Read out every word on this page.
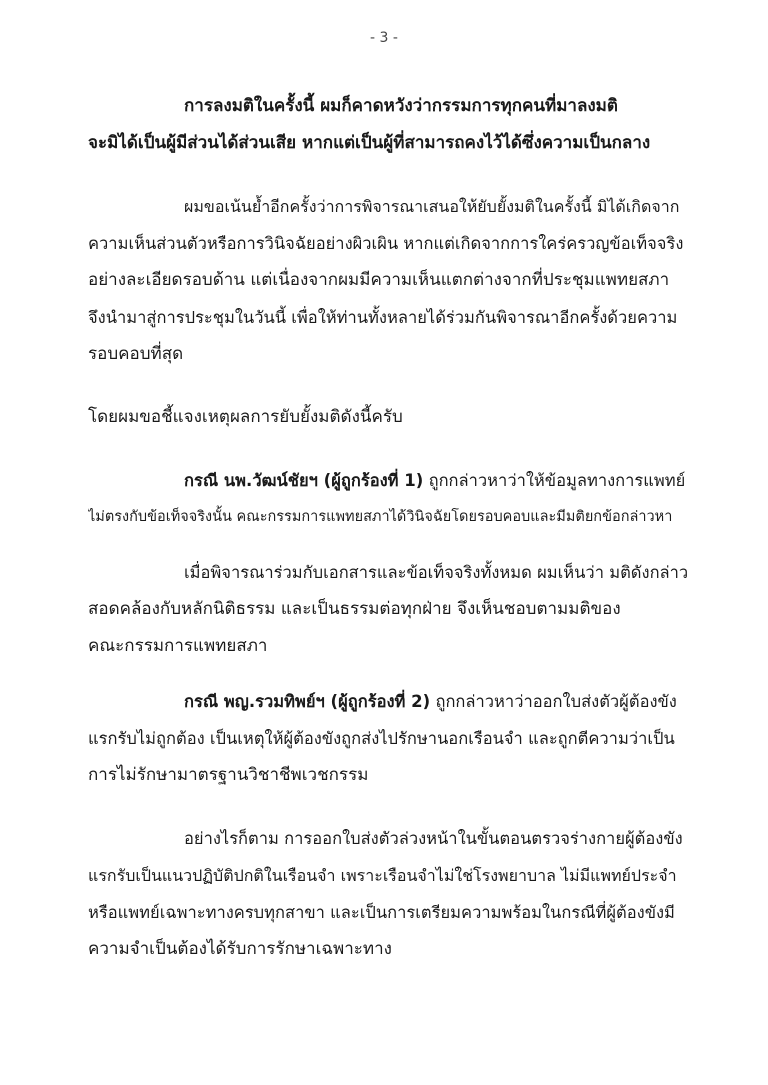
- 3 -
การลงมติในครั้งนี้ ผมก็คาดหวังว่ากรรมการทุกคนที่มาลงมติ
จะมิได้เป็นผู้มีส่วนได้ส่วนเสีย หากแต่เป็นผู้ที่สามารถคงไว้ได้ซึ่งความเป็นกลาง
ผมขอเน้นย้ำอีกครั้งว่าการพิจารณาเสนอให้ยับยั้งมติในครั้งนี้ มิได้เกิดจาก
ความเห็นส่วนตัวหรือการวินิจฉัยอย่างผิวเผิน หากแต่เกิดจากการใคร่ครวญข้อเท็จจริง
อย่างละเอียดรอบด้าน แต่เนื่องจากผมมีความเห็นแตกต่างจากที่ประชุมแพทยสภา
จึงนำมาสู่การประชุมในวันนี้ เพื่อให้ท่านทั้งหลายได้ร่วมกันพิจารณาอีกครั้งด้วยความ
รอบคอบที่สุด
โดยผมขอชี้แจงเหตุผลการยับยั้งมติดังนี้ครับ
กรณี นพ.วัฒน์ชัยฯ (ผู้ถูกร้องที่ 1) ถูกกล่าวหาว่าให้ข้อมูลทางการแพทย์
ไม่ตรงกับข้อเท็จจริงนั้น คณะกรรมการแพทยสภาได้วินิจฉัยโดยรอบคอบและมีมติยกข้อกล่าวหา
เมื่อพิจารณาร่วมกับเอกสารและข้อเท็จจริงทั้งหมด ผมเห็นว่า มติดังกล่าว
สอดคล้องกับหลักนิติธรรม และเป็นธรรมต่อทุกฝ่าย จึงเห็นชอบตามมติของ
คณะกรรมการแพทยสภา
กรณี พญ.รวมทิพย์ฯ (ผู้ถูกร้องที่ 2) ถูกกล่าวหาว่าออกใบส่งตัวผู้ต้องขัง
แรกรับไม่ถูกต้อง เป็นเหตุให้ผู้ต้องขังถูกส่งไปรักษานอกเรือนจำ และถูกตีความว่าเป็น
การไม่รักษามาตรฐานวิชาชีพเวชกรรม
อย่างไรก็ตาม การออกใบส่งตัวล่วงหน้าในขั้นตอนตรวจร่างกายผู้ต้องขัง
แรกรับเป็นแนวปฏิบัติปกติในเรือนจำ เพราะเรือนจำไม่ใช่โรงพยาบาล ไม่มีแพทย์ประจำ
หรือแพทย์เฉพาะทางครบทุกสาขา และเป็นการเตรียมความพร้อมในกรณีที่ผู้ต้องขังมี
ความจำเป็นต้องได้รับการรักษาเฉพาะทาง
